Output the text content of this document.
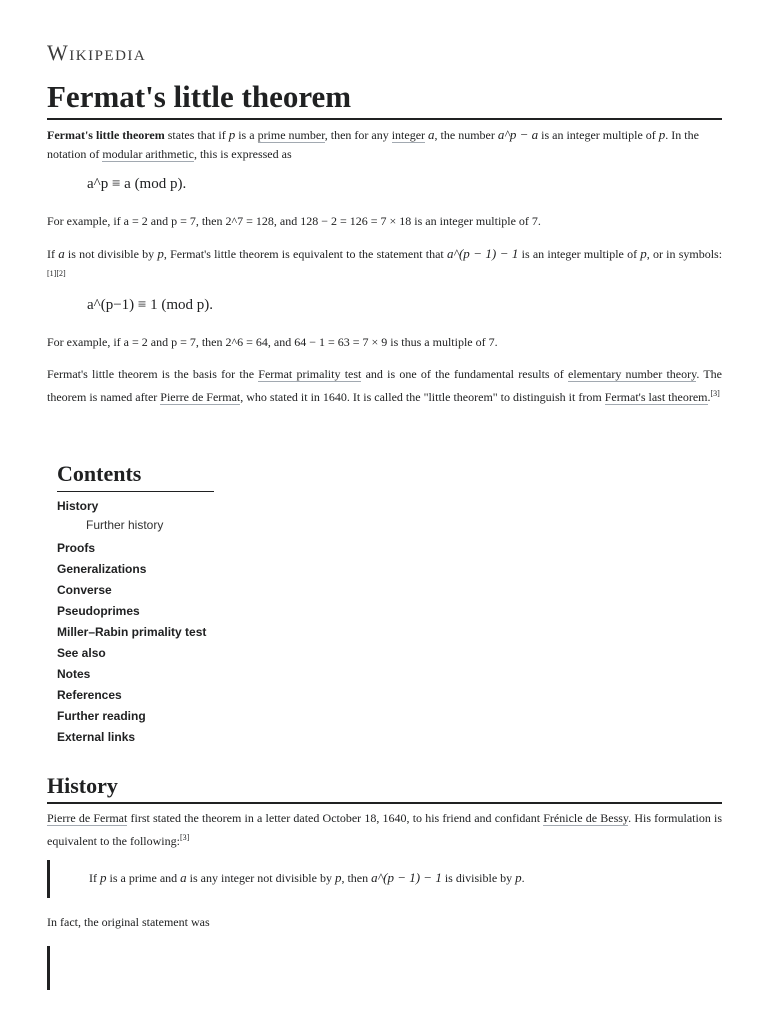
Wikipedia
Fermat's little theorem

Fermat's little theorem states that if p is a prime number, then for any integer a, the number a^p − a is an integer multiple of p. In the notation of modular arithmetic, this is expressed as

a^p ≡ a (mod p).

For example, if a = 2 and p = 7, then 2^7 = 128, and 128 − 2 = 126 = 7 × 18 is an integer multiple of 7.

If a is not divisible by p, Fermat's little theorem is equivalent to the statement that a^(p − 1) − 1 is an integer multiple of p, or in symbols:[1][2]

a^(p−1) ≡ 1 (mod p).

For example, if a = 2 and p = 7, then 2^6 = 64, and 64 − 1 = 63 = 7 × 9 is thus a multiple of 7.

Fermat's little theorem is the basis for the Fermat primality test and is one of the fundamental results of elementary number theory. The theorem is named after Pierre de Fermat, who stated it in 1640. It is called the "little theorem" to distinguish it from Fermat's last theorem.[3]

Contents
History
Further history
Proofs
Generalizations
Converse
Pseudoprimes
Miller–Rabin primality test
See also
Notes
References
Further reading
External links
History

Pierre de Fermat first stated the theorem in a letter dated October 18, 1640, to his friend and confidant Frénicle de Bessy. His formulation is equivalent to the following:[3]

If p is a prime and a is any integer not divisible by p, then a^(p − 1) − 1 is divisible by p.

In fact, the original statement was
